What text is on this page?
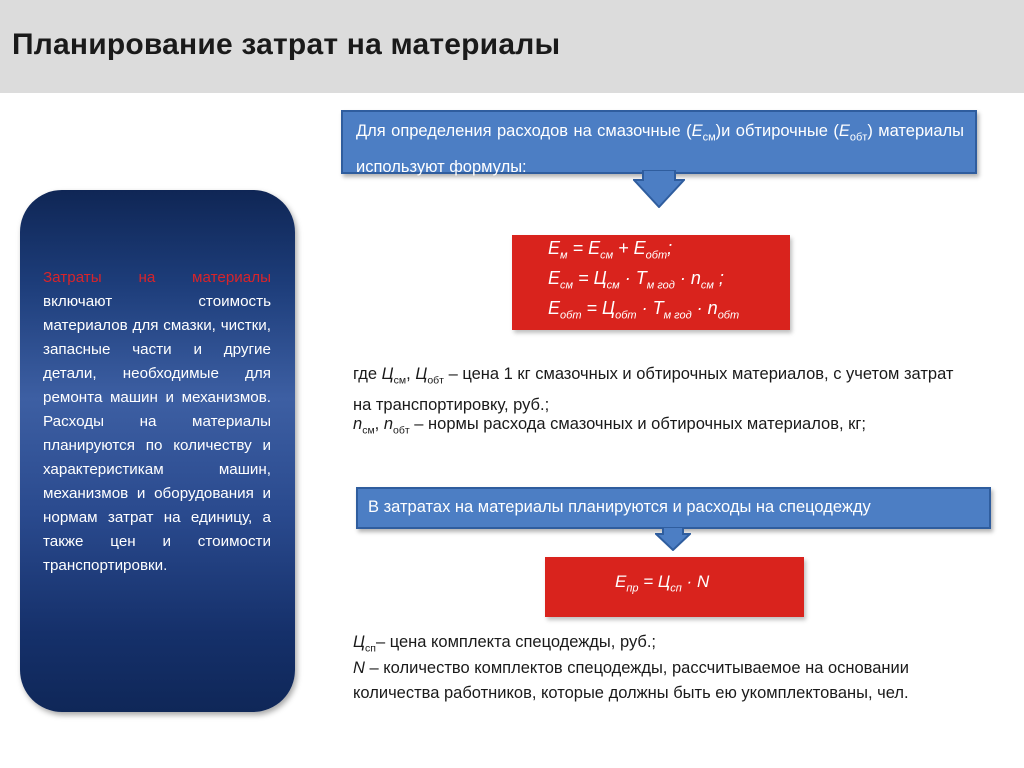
Планирование затрат на материалы
Затраты на материалы включают стоимость материалов для смазки, чистки, запасные части и другие детали, необходимые для ремонта машин и механизмов. Расходы на материалы планируются по количеству и характеристикам машин, механизмов и оборудования и нормам затрат на единицу, а также цен и стоимости транспортировки.
Для определения расходов на смазочные $(Е_{см})и$ обтирочные $(Е_{обт})$ материалы используют формулы:
$Е_м = Е_{см} + Е_{обт}$;
$Е_{см} = Ц_{см} \cdot Т_{м год} \cdot n_{см}$ ;
$Е_{обт} = Ц_{обт} \cdot Т_{м год} \cdot n_{обт}$
где $Ц_{см}$, $Ц_{обт}$ – цена 1 кг смазочных и обтирочных материалов, с учетом затрат на транспортировку, руб.;
$n_{см}$, $n_{обт}$ – нормы расхода смазочных и обтирочных материалов, кг;
В затратах на материалы планируются и расходы на спецодежду
$Е_{пр} = Ц_{сп} \cdot N$
$Ц_{сп}-$ цена комплекта спецодежды, руб.;
N – количество комплектов спецодежды, рассчитываемое на основании количества работников, которые должны быть ею укомплектованы, чел.
